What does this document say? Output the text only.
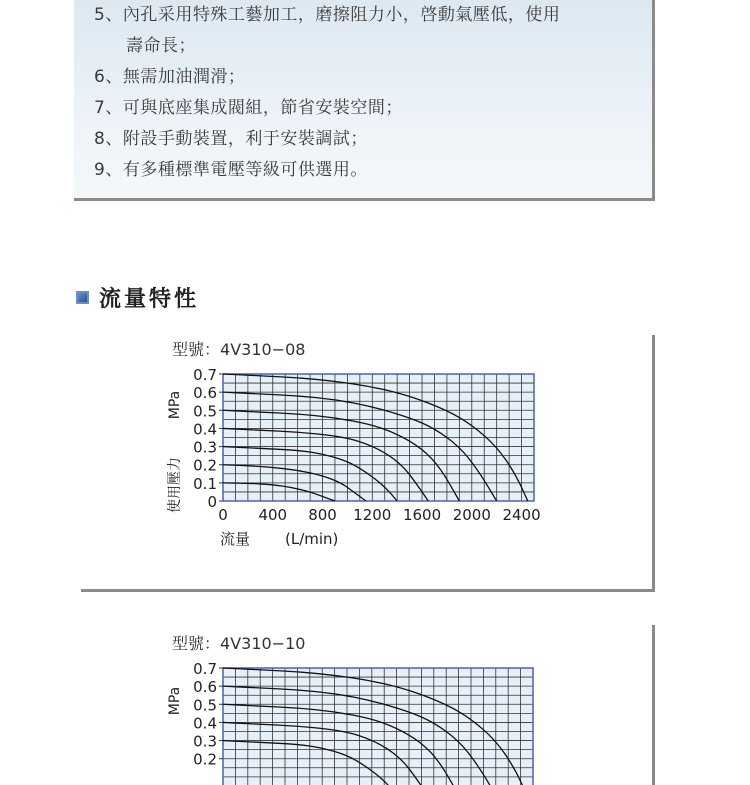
5、內孔采用特殊工藝加工，磨擦阻力小，啓動氣壓低，使用
壽命長；
6、無需加油潤滑；
7、可與底座集成閥組，節省安裝空間；
8、附設手動裝置，利于安裝調試；
9、有多種標準電壓等級可供選用。
流量特性
型號：4V310−08
0
0.1
0.2
0.3
0.4
0.5
0.6
0.7
0 400 800 1200 1600 2000 2400
MPa
使用壓力
流量 (L/min)
型號：4V310−10
0.7
0.6
0.5
0.4
0.3
0.2
MPa
